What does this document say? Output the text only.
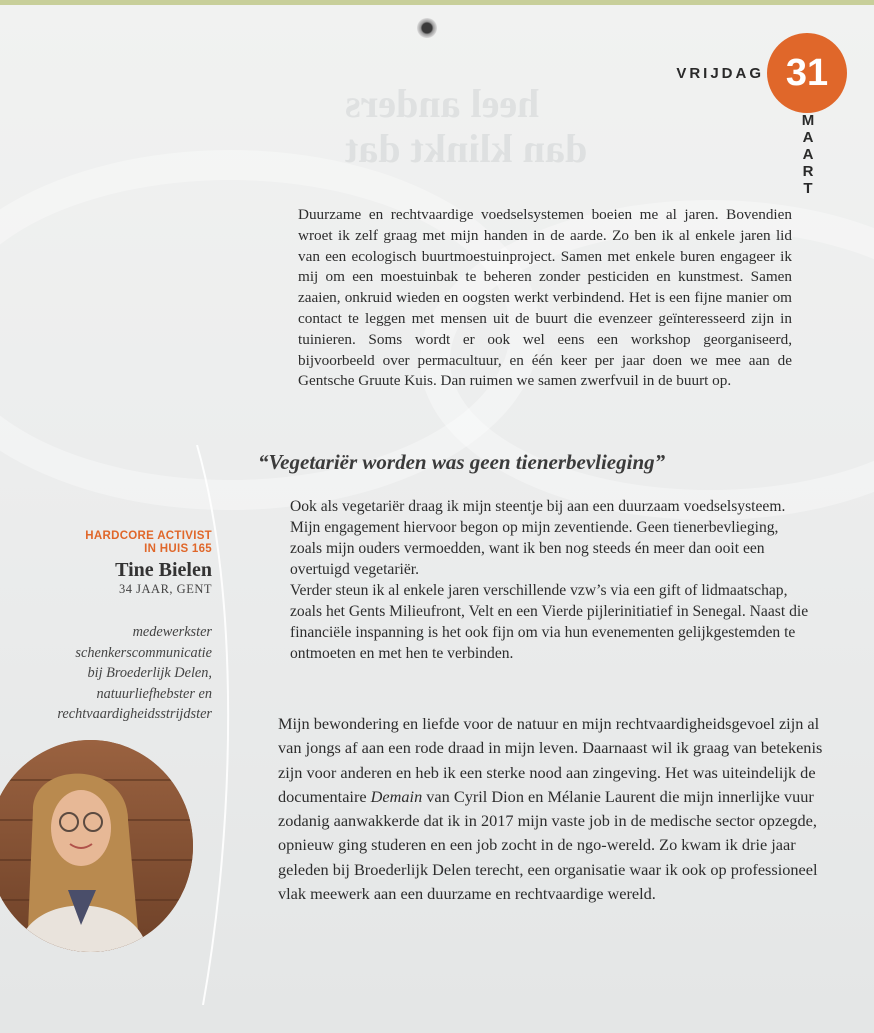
heel anders
dan klinkt dat
VRIJDAG 31
M
A
A
R
T
Duurzame en rechtvaardige voedselsystemen boeien me al jaren. Bovendien wroet ik zelf graag met mijn handen in de aarde. Zo ben ik al enkele jaren lid van een ecologisch buurtmoestuinproject. Samen met enkele buren engageer ik mij om een moestuinbak te beheren zonder pesticiden en kunstmest. Samen zaaien, onkruid wieden en oogsten werkt verbindend. Het is een fijne manier om contact te leggen met mensen uit de buurt die evenzeer geïnteresseerd zijn in tuinieren. Soms wordt er ook wel eens een workshop georganiseerd, bijvoorbeeld over permacultuur, en één keer per jaar doen we mee aan de Gentsche Gruute Kuis. Dan ruimen we samen zwerfvuil in de buurt op.
“Vegetariër worden was geen tienerbevlieging”

Ook als vegetariër draag ik mijn steentje bij aan een duurzaam voedselsysteem. Mijn engagement hiervoor begon op mijn zeventiende. Geen tienerbevlieging, zoals mijn ouders vermoedden, want ik ben nog steeds én meer dan ooit een overtuigd vegetariër.

Verder steun ik al enkele jaren verschillende vzw’s via een gift of lidmaatschap, zoals het Gents Milieufront, Velt en een Vierde pijlerinitiatief in Senegal. Naast die financiële inspanning is het ook fijn om via hun evenementen gelijkgestemden te ontmoeten en met hen te verbinden.

Mijn bewondering en liefde voor de natuur en mijn rechtvaardigheidsgevoel zijn al van jongs af aan een rode draad in mijn leven. Daarnaast wil ik graag van betekenis zijn voor anderen en heb ik een sterke nood aan zingeving. Het was uiteindelijk de documentaire Demain van Cyril Dion en Mélanie Laurent die mijn innerlijke vuur zodanig aanwakkerde dat ik in 2017 mijn vaste job in de medische sector opzegde, opnieuw ging studeren en een job zocht in de ngo-wereld. Zo kwam ik drie jaar geleden bij Broederlijk Delen terecht, een organisatie waar ik ook op professioneel vlak meewerk aan een duurzame en rechtvaardige wereld.
HARDCORE ACTIVIST
IN HUIS 165
Tine Bielen
34 JAAR, GENT
medewerkster
schenkerscommunicatie
bij Broederlijk Delen,
natuurliefhebster en
rechtvaardigheidsstrijdster
